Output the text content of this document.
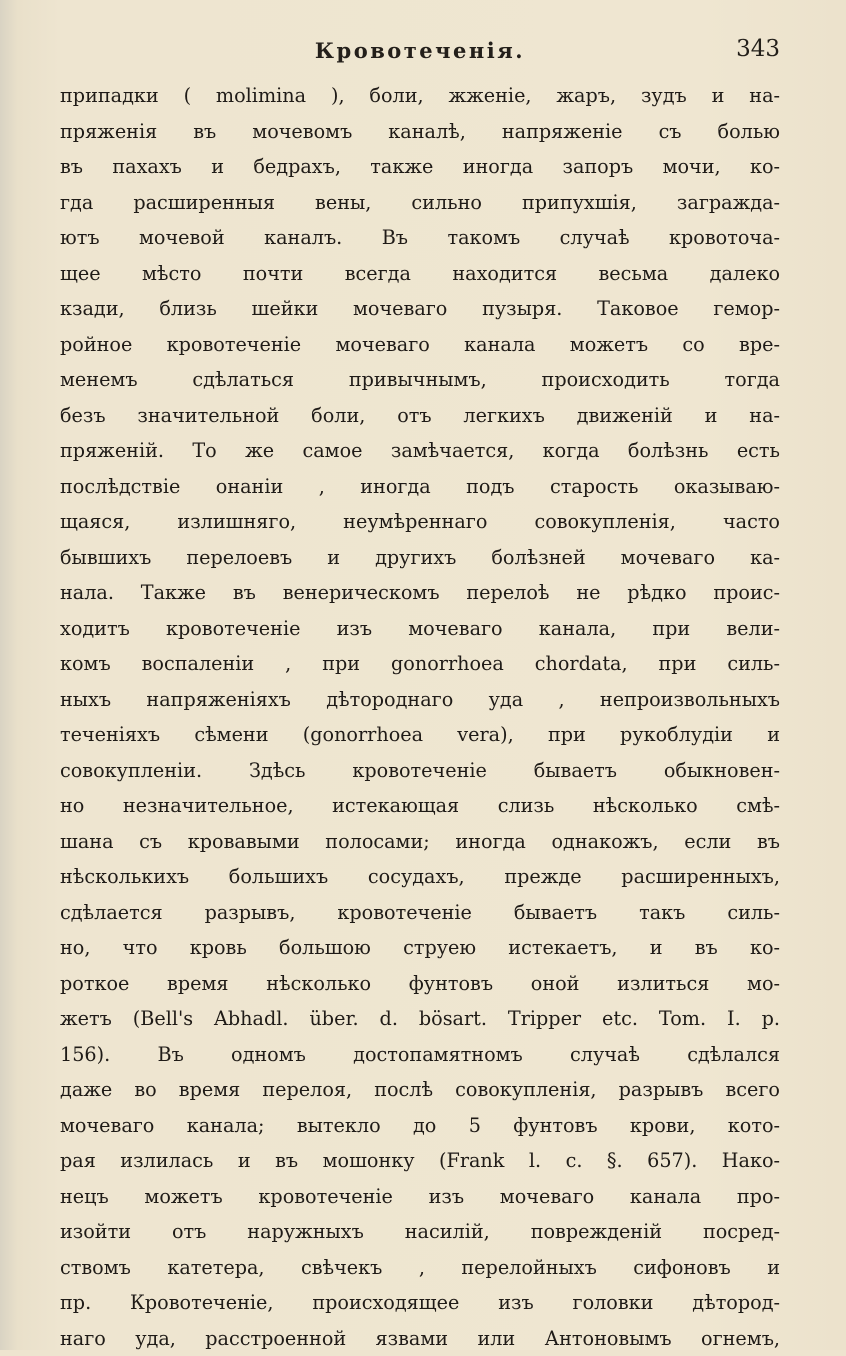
Кровотеченія.	343
припадки ( molimina ), боли, жженіе, жаръ, зудъ и на-
пряженія въ мочевомъ каналѣ, напряженіе съ болью
въ пахахъ и бедрахъ, также иногда запоръ мочи, ко-
гда расширенныя вены, сильно припухшія, загражда-
ютъ мочевой каналъ. Въ такомъ случаѣ кровоточа-
щее мѣсто почти всегда находится весьма далеко
кзади, близь шейки мочеваго пузыря. Таковое гемор-
ройное кровотеченіе мочеваго канала можетъ со вре-
менемъ сдѣлаться привычнымъ, происходить тогда
безъ значительной боли, отъ легкихъ движеній и на-
пряженій. То же самое замѣчается, когда болѣзнь есть
послѣдствіе онаніи , иногда подъ старость оказываю-
щаяся, излишняго, неумѣреннаго совокупленія, часто
бывшихъ перелоевъ и другихъ болѣзней мочеваго ка-
нала. Также въ венерическомъ перелоѣ не рѣдко проис-
ходитъ кровотеченіе изъ мочеваго канала, при вели-
комъ воспаленіи , при gonorrhoea chordata, при силь-
ныхъ напряженіяхъ дѣтороднаго уда , непроизвольныхъ
теченіяхъ сѣмени (gonorrhoea vera), при рукоблудіи и
совокупленіи. Здѣсь кровотеченіе бываетъ обыкновен-
но незначительное, истекающая слизь нѣсколько смѣ-
шана съ кровавыми полосами; иногда однакожъ, если въ
нѣсколькихъ большихъ сосудахъ, прежде расширенныхъ,
сдѣлается разрывъ, кровотеченіе бываетъ такъ силь-
но, что кровь большою струею истекаетъ, и въ ко-
роткое время нѣсколько фунтовъ оной излиться мо-
жетъ (Bell's Abhadl. über. d. bösart. Tripper etc. Tom. I. p.
156). Въ одномъ достопамятномъ случаѣ сдѣлался
даже во время перелоя, послѣ совокупленія, разрывъ всего
мочеваго канала; вытекло до 5 фунтовъ крови, кото-
рая излилась и въ мошонку (Frank l. c. §. 657). Нако-
нецъ можетъ кровотеченіе изъ мочеваго канала про-
изойти отъ наружныхъ насилій, поврежденій посред-
ствомъ катетера, свѣчекъ , перелойныхъ сифоновъ и
пр. Кровотеченіе, происходящее изъ головки дѣтород-
наго уда, расстроенной язвами или Антоновымъ огнемъ,
